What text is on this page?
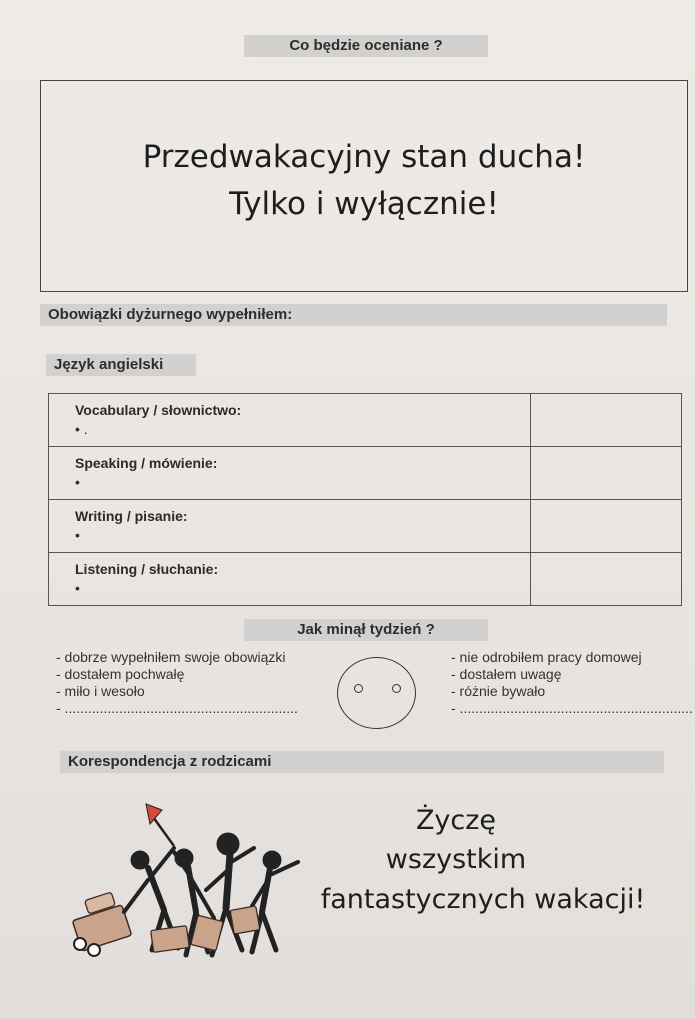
Co będzie oceniane ?
Przedwakacyjny stan ducha!
Tylko i wyłącznie!
Obowiązki dyżurnego wypełniłem:
Język angielski
Vocabulary / słownictwo:
• .	

Speaking / mówienie:
•	

Writing / pisanie:
•	

Listening / słuchanie:
•	

Jak minął tydzień ?
- dobrze wypełniłem swoje obowiązki
- dostałem pochwałę
- miło i wesoło
- ............................................................
- nie odrobiłem pracy domowej
- dostałem uwagę
- różnie bywało
- ............................................................
Korespondencja z rodzicami
Życzę
wszystkim
fantastycznych wakacji!
